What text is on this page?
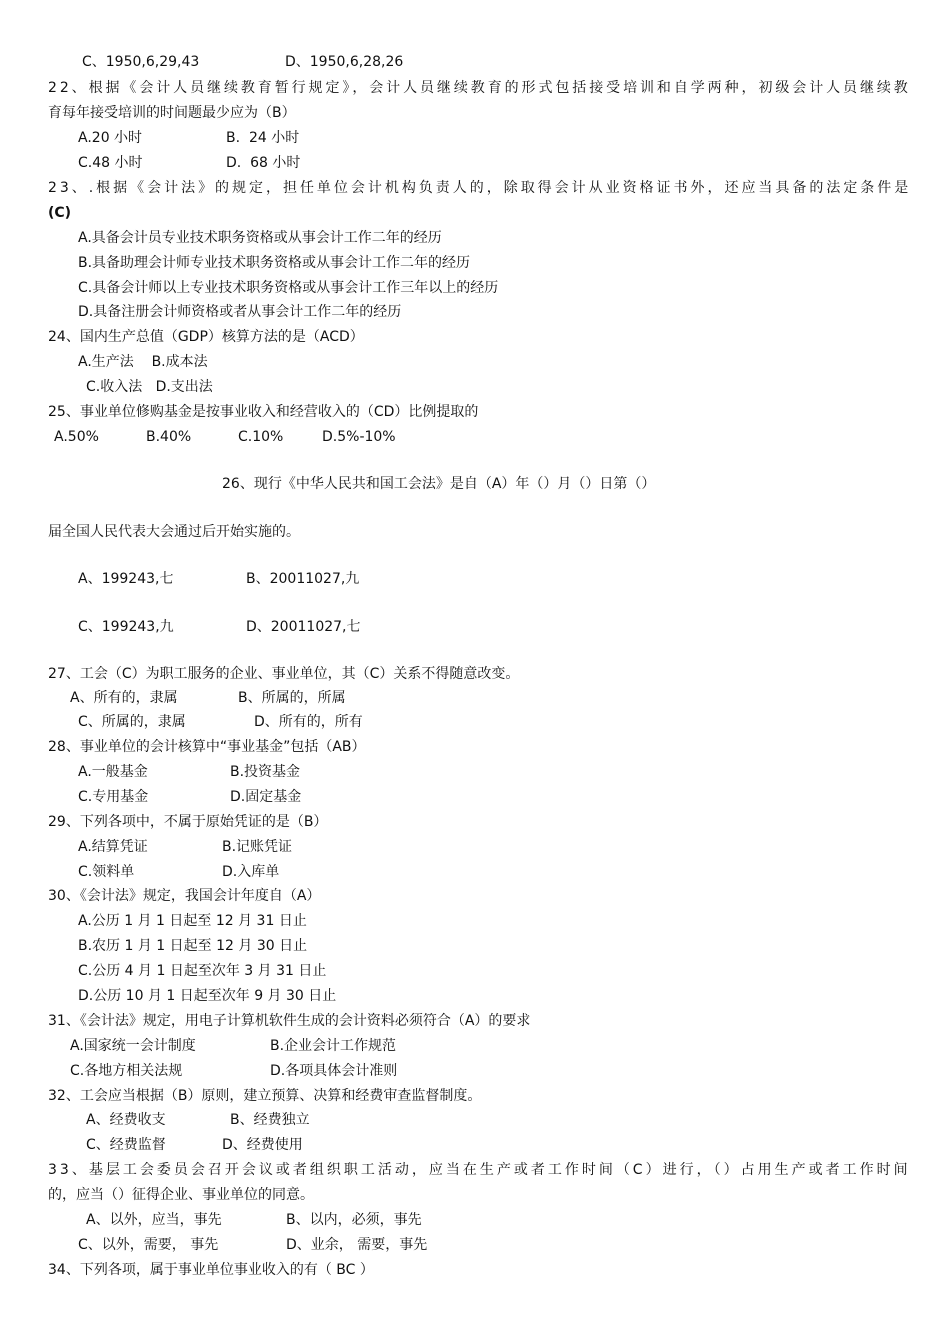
C、1950,6,29,43	D、1950,6,28,26
22、根据《会计人员继续教育暂行规定》，会计人员继续教育的形式包括接受培训和自学两种，初级会计人员继续教
育每年接受培训的时间题最少应为（B）
A.20 小时	B.  24 小时
C.48 小时	D.  68 小时
23、.根据《会计法》的规定，担任单位会计机构负责人的，除取得会计从业资格证书外，还应当具备的法定条件是
(C)
A.具备会计员专业技术职务资格或从事会计工作二年的经历
B.具备助理会计师专业技术职务资格或从事会计工作二年的经历
C.具备会计师以上专业技术职务资格或从事会计工作三年以上的经历
D.具备注册会计师资格或者从事会计工作二年的经历
24、国内生产总值（GDP）核算方法的是（ACD）
A.生产法    B.成本法
C.收入法   D.支出法
25、事业单位修购基金是按事业收入和经营收入的（CD）比例提取的
A.50%	B.40%	C.10%	D.5%-10%
26、现行《中华人民共和国工会法》是自（A）年（）月（）日第（）
届全国人民代表大会通过后开始实施的。
A、199243,七	B、20011027,九
C、199243,九	D、20011027,七
27、工会（C）为职工服务的企业、事业单位，其（C）关系不得随意改变。
A、所有的，隶属	B、所属的，所属
C、所属的，隶属	D、所有的，所有
28、事业单位的会计核算中“事业基金”包括（AB）
A.一般基金	B.投资基金
C.专用基金	D.固定基金
29、下列各项中，不属于原始凭证的是（B）
A.结算凭证	B.记账凭证
C.领料单	D.入库单
30、《会计法》规定，我国会计年度自（A）
A.公历 1 月 1 日起至 12 月 31 日止
B.农历 1 月 1 日起至 12 月 30 日止
C.公历 4 月 1 日起至次年 3 月 31 日止
D.公历 10 月 1 日起至次年 9 月 30 日止
31、《会计法》规定，用电子计算机软件生成的会计资料必须符合（A）的要求
A.国家统一会计制度	B.企业会计工作规范
C.各地方相关法规	D.各项具体会计准则
32、工会应当根据（B）原则，建立预算、决算和经费审查监督制度。
A、经费收支	B、经费独立
C、经费监督	D、经费使用
33、基层工会委员会召开会议或者组织职工活动，应当在生产或者工作时间（C）进行，（）占用生产或者工作时间
的，应当（）征得企业、事业单位的同意。
A、以外，应当，事先	B、以内，必须，事先
C、以外，需要， 事先	D、业余， 需要，事先
34、下列各项，属于事业单位事业收入的有（ BC ）
